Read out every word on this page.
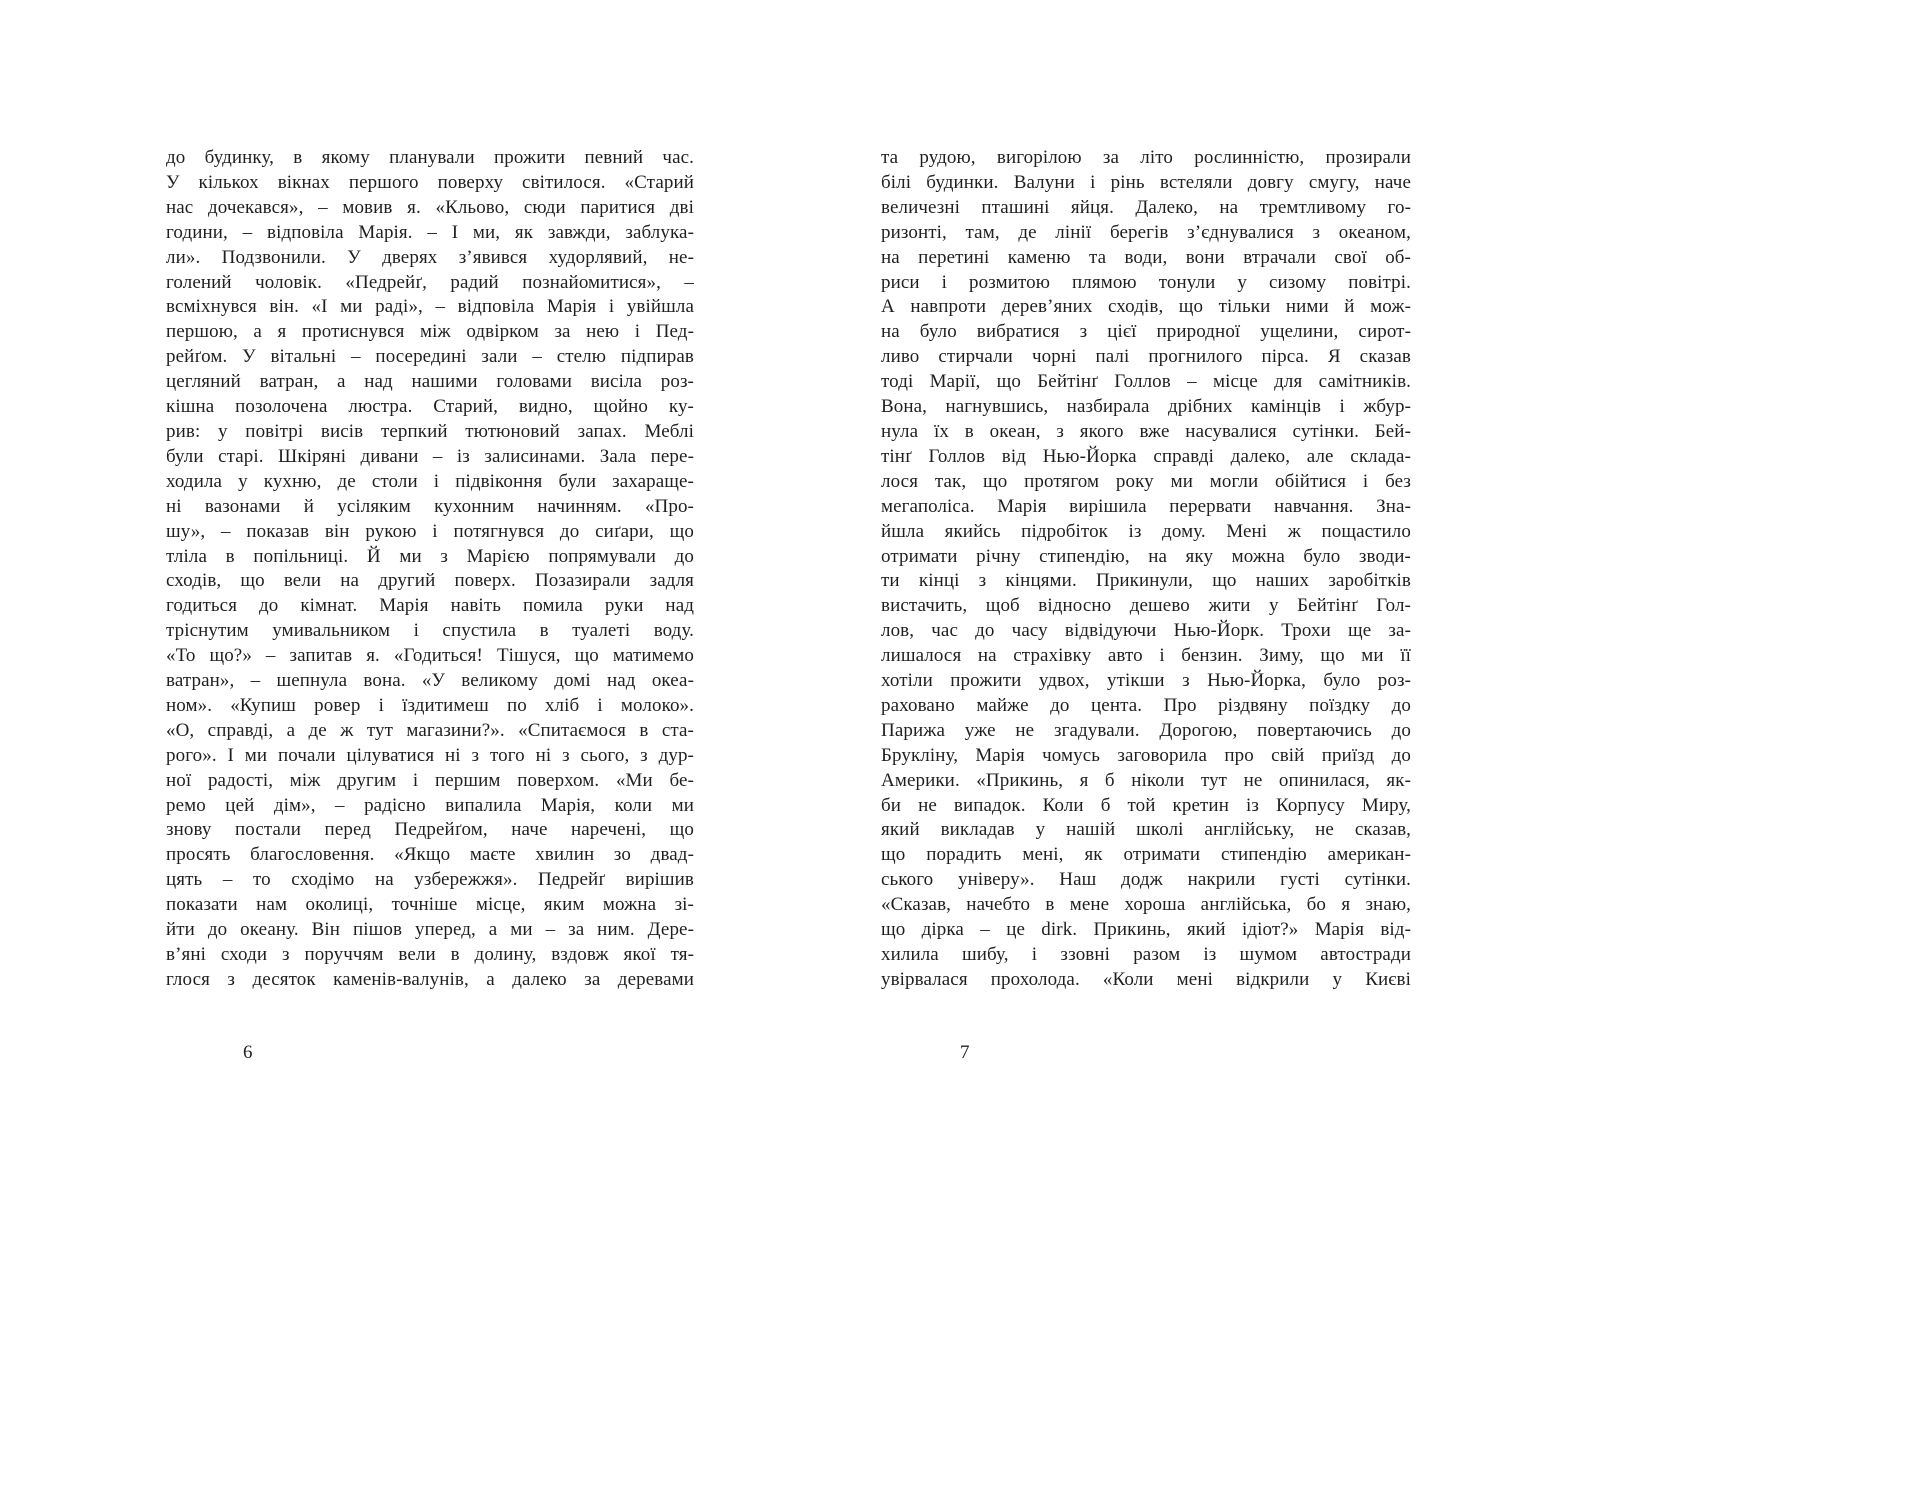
до будинку, в якому планували прожити певний час.
У кількох вікнах першого поверху світилося. «Старий
нас дочекався», – мовив я. «Кльово, сюди паритися дві
години, – відповіла Марія. – І ми, як завжди, заблука-
ли». Подзвонили. У дверях з’явився худорлявий, не-
голений чоловік. «Педрейґ, радий познайомитися», –
всміхнувся він. «І ми раді», – відповіла Марія і увійшла
першою, а я протиснувся між одвірком за нею і Пед-
рейґом. У вітальні – посередині зали – стелю підпирав
цегляний ватран, а над нашими головами висіла роз-
кішна позолочена люстра. Старий, видно, щойно ку-
рив: у повітрі висів терпкий тютюновий запах. Меблі
були старі. Шкіряні дивани – із залисинами. Зала пере-
ходила у кухню, де столи і підвіконня були захараще-
ні вазонами й усіляким кухонним начинням. «Про-
шу», – показав він рукою і потягнувся до сиґари, що
тліла в попільниці. Й ми з Марією попрямували до
сходів, що вели на другий поверх. Позазирали задля
годиться до кімнат. Марія навіть помила руки над
тріснутим умивальником і спустила в туалеті воду.
«То що?» – запитав я. «Годиться! Тішуся, що матимемо
ватран», – шепнула вона. «У великому домі над океа-
ном». «Купиш ровер і їздитимеш по хліб і молоко».
«О, справді, а де ж тут магазини?». «Спитаємося в ста-
рого». І ми почали цілуватися ні з того ні з сього, з дур-
ної радості, між другим і першим поверхом. «Ми бе-
ремо цей дім», – радісно випалила Марія, коли ми
знову постали перед Педрейґом, наче наречені, що
просять благословення. «Якщо маєте хвилин зо двад-
цять – то сходімо на узбережжя». Педрейґ вирішив
показати нам околиці, точніше місце, яким можна зі-
йти до океану. Він пішов уперед, а ми – за ним. Дере-
в’яні сходи з поруччям вели в долину, вздовж якої тя-
глося з десяток каменів-валунів, а далеко за деревами
6
та рудою, вигорілою за літо рослинністю, прозирали
білі будинки. Валуни і рінь встеляли довгу смугу, наче
величезні пташині яйця. Далеко, на тремтливому го-
ризонті, там, де лінії берегів з’єднувалися з океаном,
на перетині каменю та води, вони втрачали свої об-
риси і розмитою плямою тонули у сизому повітрі.
А навпроти дерев’яних сходів, що тільки ними й мож-
на було вибратися з цієї природної ущелини, сирот-
ливо стирчали чорні палі прогнилого пірса. Я сказав
тоді Марії, що Бейтінґ Голлов – місце для самітників.
Вона, нагнувшись, назбирала дрібних камінців і жбур-
нула їх в океан, з якого вже насувалися сутінки. Бей-
тінґ Голлов від Нью-Йорка справді далеко, але склада-
лося так, що протягом року ми могли обійтися і без
мегаполіса. Марія вирішила перервати навчання. Зна-
йшла якийсь підробіток із дому. Мені ж пощастило
отримати річну стипендію, на яку можна було зводи-
ти кінці з кінцями. Прикинули, що наших заробітків
вистачить, щоб відносно дешево жити у Бейтінґ Гол-
лов, час до часу відвідуючи Нью-Йорк. Трохи ще за-
лишалося на страхівку авто і бензин. Зиму, що ми її
хотіли прожити удвох, утікши з Нью-Йорка, було роз-
раховано майже до цента. Про різдвяну поїздку до
Парижа уже не згадували. Дорогою, повертаючись до
Брукліну, Марія чомусь заговорила про свій приїзд до
Америки. «Прикинь, я б ніколи тут не опинилася, як-
би не випадок. Коли б той кретин із Корпусу Миру,
який викладав у нашій школі англійську, не сказав,
що порадить мені, як отримати стипендію американ-
ського універу». Наш додж накрили густі сутінки.
«Сказав, начебто в мене хороша англійська, бо я знаю,
що дірка – це dirk. Прикинь, який ідіот?» Марія від-
хилила шибу, і ззовні разом із шумом автостради
увірвалася прохолода. «Коли мені відкрили у Києві
7
